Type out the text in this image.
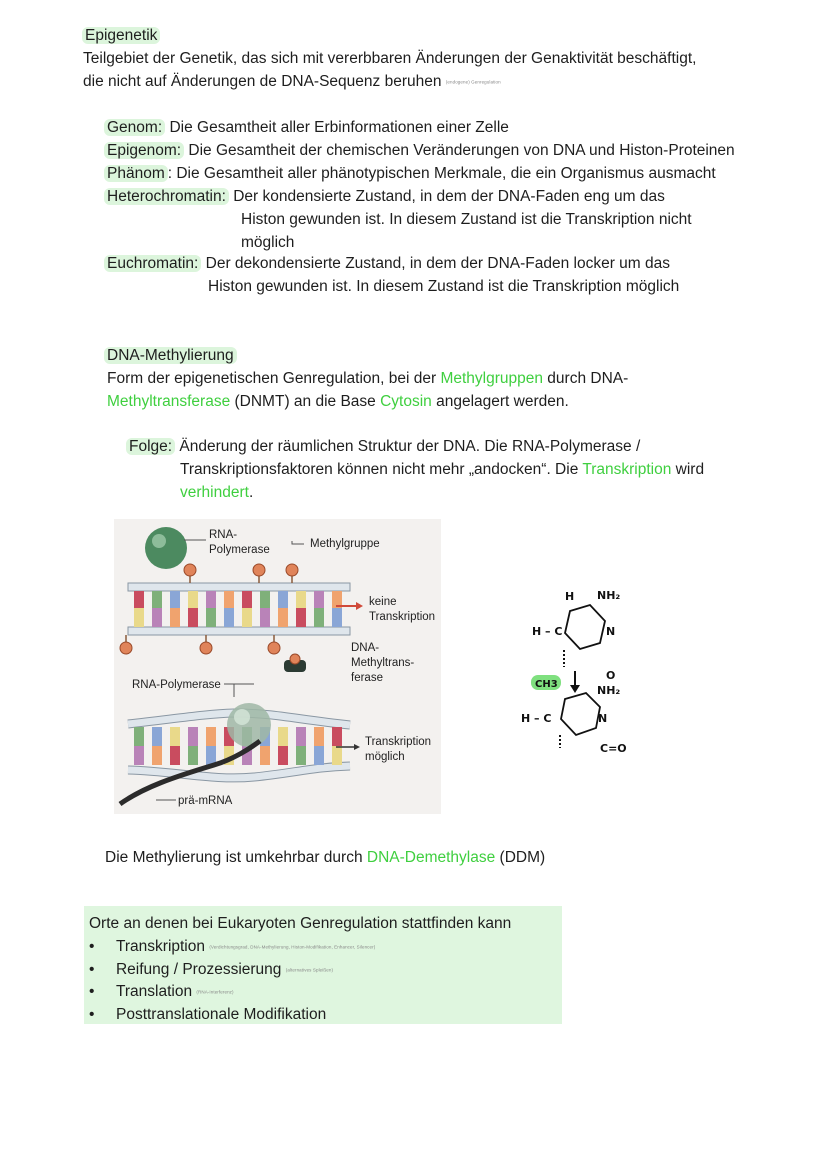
Epigenetik
Teilgebiet der Genetik, das sich mit vererbbaren Änderungen der Genaktivität beschäftigt,
die nicht auf Änderungen de DNA-Sequenz beruhen (endogene) Genregulation
Genom: Die Gesamtheit aller Erbinformationen einer Zelle
Epigenom: Die Gesamtheit der chemischen Veränderungen von DNA und Histon-Proteinen
Phänom : Die Gesamtheit aller phänotypischen Merkmale, die ein Organismus ausmacht
Heterochromatin: Der kondensierte Zustand, in dem der DNA-Faden eng um das
Histon gewunden ist. In diesem Zustand ist die Transkription nicht
möglich
Euchromatin: Der dekondensierte Zustand, in dem der DNA-Faden locker um das
Histon gewunden ist. In diesem Zustand ist die Transkription möglich
DNA-Methylierung
Form der epigenetischen Genregulation, bei der Methylgruppen durch DNA-
Methyltransferase (DNMT) an die Base Cytosin angelagert werden.
Folge: Änderung der räumlichen Struktur der DNA. Die RNA-Polymerase /
Transkriptionsfaktoren können nicht mehr „andocken“. Die Transkription wird
verhindert.
RNA-
Polymerase	Methylgruppe
keine
Transkription
DNA-
Methyltrans-
ferase
RNA-Polymerase
Transkription
möglich
prä-mRNA
H NH₂
H – C	N
O
NH₂
H – C	N
C=O
CH3
Die Methylierung ist umkehrbar durch DNA-Demethylase (DDM)
Orte an denen bei Eukaryoten Genregulation stattfinden kann
• Transkription (Verdichtungsgrad, DNA-Methylierung, Histon-Modifikation, Enhancer, Silencer)
• Reifung / Prozessierung (alternatives Spleißen)
• Translation (RNA-Interferenz)
• Posttranslationale Modifikation
